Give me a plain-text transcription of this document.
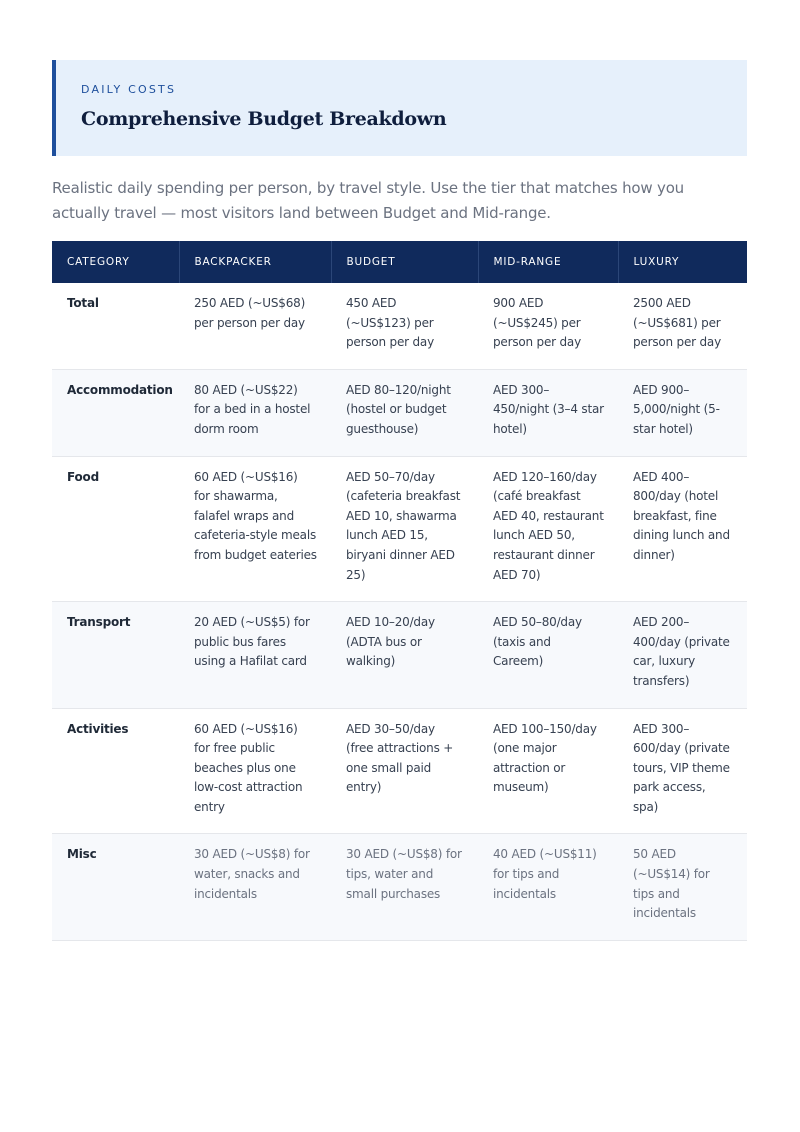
DAILY COSTS
Comprehensive Budget Breakdown
Realistic daily spending per person, by travel style. Use the tier that matches how you actually travel — most visitors land between Budget and Mid-range.
CATEGORY	BACKPACKER	BUDGET	MID-RANGE	LUXURY
Total	250 AED (~US$68) per person per day	450 AED (~US$123) per person per day	900 AED (~US$245) per person per day	2500 AED (~US$681) per person per day
Accommodation	80 AED (~US$22) for a bed in a hostel dorm room	AED 80–120/night (hostel or budget guesthouse)	AED 300–450/night (3–4 star hotel)	AED 900–5,000/night (5-star hotel)
Food	60 AED (~US$16) for shawarma, falafel wraps and cafeteria-style meals from budget eateries	AED 50–70/day (cafeteria breakfast AED 10, shawarma lunch AED 15, biryani dinner AED 25)	AED 120–160/day (café breakfast AED 40, restaurant lunch AED 50, restaurant dinner AED 70)	AED 400–800/day (hotel breakfast, fine dining lunch and dinner)
Transport	20 AED (~US$5) for public bus fares using a Hafilat card	AED 10–20/day (ADTA bus or walking)	AED 50–80/day (taxis and Careem)	AED 200–400/day (private car, luxury transfers)
Activities	60 AED (~US$16) for free public beaches plus one low-cost attraction entry	AED 30–50/day (free attractions + one small paid entry)	AED 100–150/day (one major attraction or museum)	AED 300–600/day (private tours, VIP theme park access, spa)
Misc	30 AED (~US$8) for water, snacks and incidentals	30 AED (~US$8) for tips, water and small purchases	40 AED (~US$11) for tips and incidentals	50 AED (~US$14) for tips and incidentals
